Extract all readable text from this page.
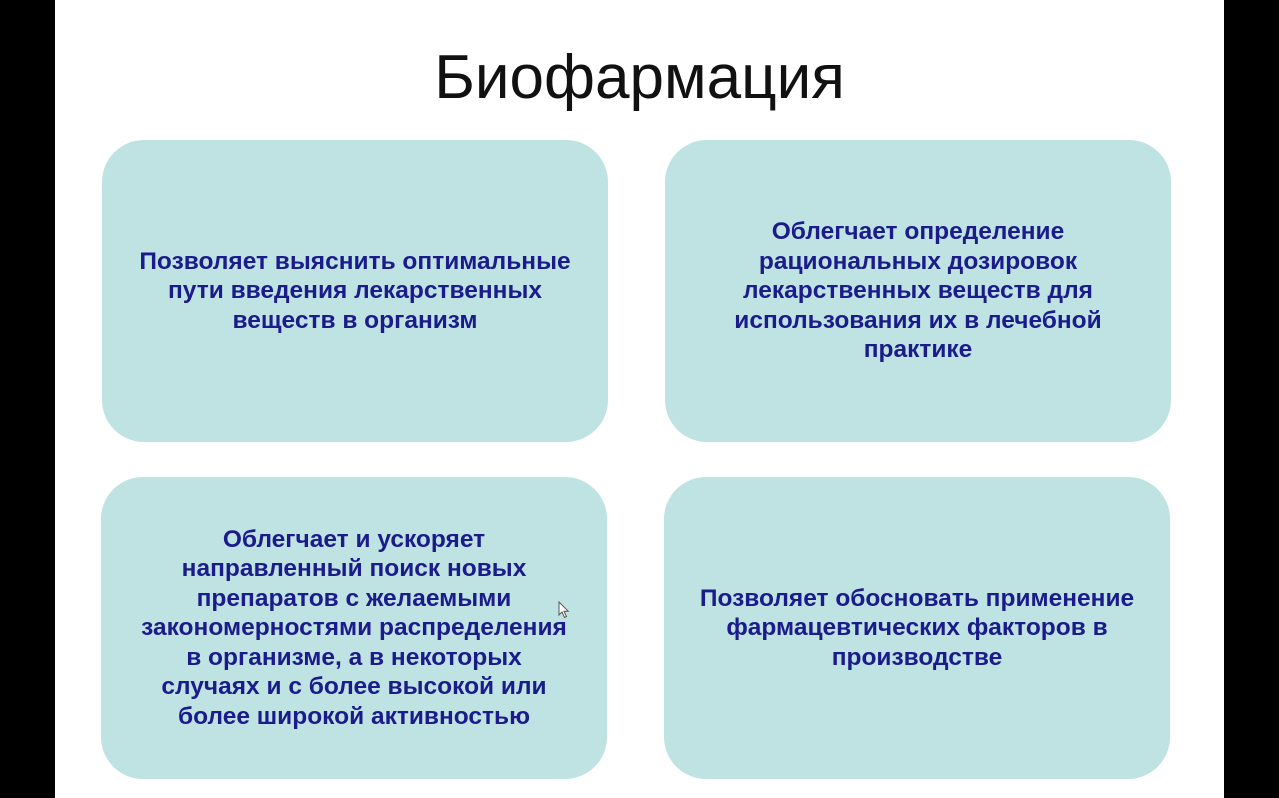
Биофармация
Позволяет выяснить оптимальные пути введения лекарственных веществ в организм
Облегчает определение рациональных дозировок лекарственных веществ для использования их в лечебной практике
Облегчает и ускоряет направленный поиск новых препаратов с желаемыми закономерностями распределения в организме, а в некоторых случаях и с более высокой или более широкой активностью
Позволяет обосновать применение фармацевтических факторов в производстве
